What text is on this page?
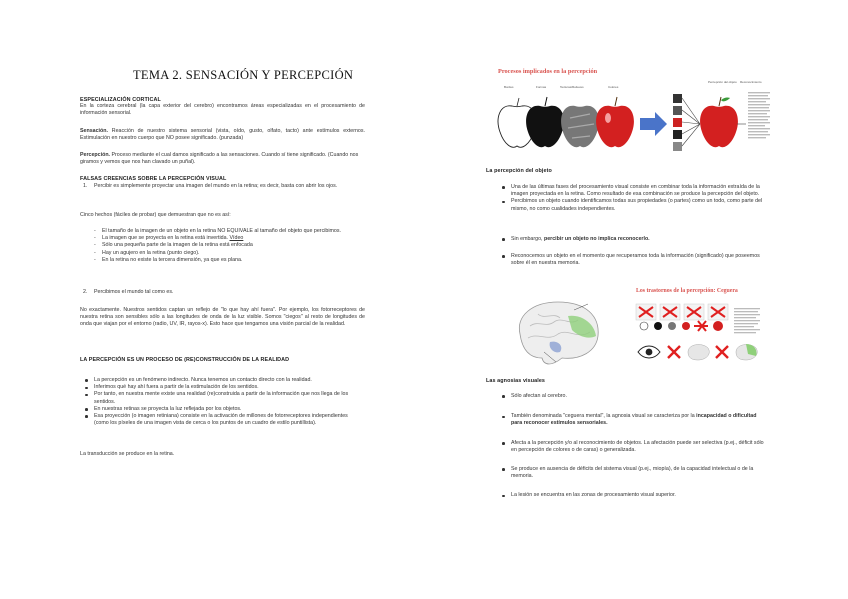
TEMA 2. SENSACIÓN Y PERCEPCIÓN
ESPECIALIZACIÓN CORTICAL
En la corteza cerebral (la capa exterior del cerebro) encontramos áreas especializadas en el procesamiento de información sensorial.
Sensación. Reacción de nuestro sistema sensorial (vista, oído, gusto, olfato, tacto) ante estímulos externos. Estimulación en nuestro cuerpo que NO posee significado. (punzada)
Percepción. Proceso mediante el cual damos significado a las sensaciones. Cuando sí tiene significado. (Cuando nos giramos y vemos que nos han clavado un puñal).
FALSAS CREENCIAS SOBRE LA PERCEPCIÓN VISUAL
1. Percibir es simplemente proyectar una imagen del mundo en la retina; es decir, basta con abrir los ojos.
Cinco hechos (fáciles de probar) que demuestran que no es así:
- El tamaño de la imagen de un objeto en la retina NO EQUIVALE al tamaño del objeto que percibimos.
- La imagen que se proyecta en la retina está invertida. Vídeo
- Sólo una pequeña parte de la imagen de la retina está enfocada
- Hay un agujero en la retina (punto ciego).
- En la retina no existe la tercera dimensión, ya que es plana.
2. Percibimos el mundo tal como es.
No exactamente. Nuestros sentidos captan un reflejo de "lo que hay ahí fuera". Por ejemplo, los fotorreceptores de nuestra retina son sensibles sólo a las longitudes de onda de la luz visible. Somos "ciegos" al resto de longitudes de onda que viajan por el entorno (radio, UV, IR, rayos-x). Esto hace que tengamos una visión parcial de la realidad.
LA PERCEPCIÓN ES UN PROCESO DE (RE)CONSTRUCCIÓN DE LA REALIDAD
La percepción es un fenómeno indirecto. Nunca tenemos un contacto directo con la realidad.
Inferimos qué hay ahí fuera a partir de la estimulación de los sentidos.
Por tanto, en nuestra mente existe una realidad (re)construida a partir de la información que nos llega de los sentidos.
En nuestras retinas se proyecta la luz reflejada por los objetos.
Esa proyección (o imagen retiniana) consiste en la activación de millones de fotorreceptores independientes (como los píxeles de una imagen vista de cerca o los puntos de un cuadro de estilo puntillista).
La transducción se produce en la retina.
Procesos implicados en la percepción
Bordes	Formas	Texturas/Relieves	Colores
Percepción del objeto	Reconocimiento
La percepción del objeto
Una de las últimas fases del procesamiento visual consiste en combinar toda la información extraída de la imagen proyectada en la retina. Como resultado de esa combinación se produce la percepción del objeto.
Percibimos un objeto cuando identificamos todas sus propiedades (o partes) como un todo, como parte del mismo, no como cualidades independientes.
Sin embargo, percibir un objeto no implica reconocerlo.
Reconocemos un objeto en el momento que recuperamos toda la información (significado) que poseemos sobre él en nuestra memoria.
Los trastornos de la percepción: Ceguera
Las agnosias visuales
Sólo afectan al cerebro.
También denominada "ceguera mental", la agnosia visual se caracteriza por la incapacidad o dificultad para reconocer estímulos sensoriales.
Afecta a la percepción y/o al reconocimiento de objetos. La afectación puede ser selectiva (p.ej., déficit sólo en percepción de colores o de caras) o generalizada.
Se produce en ausencia de déficits del sistema visual (p.ej., miopía), de la capacidad intelectual o de la memoria.
La lesión se encuentra en las zonas de procesamiento visual superior.
